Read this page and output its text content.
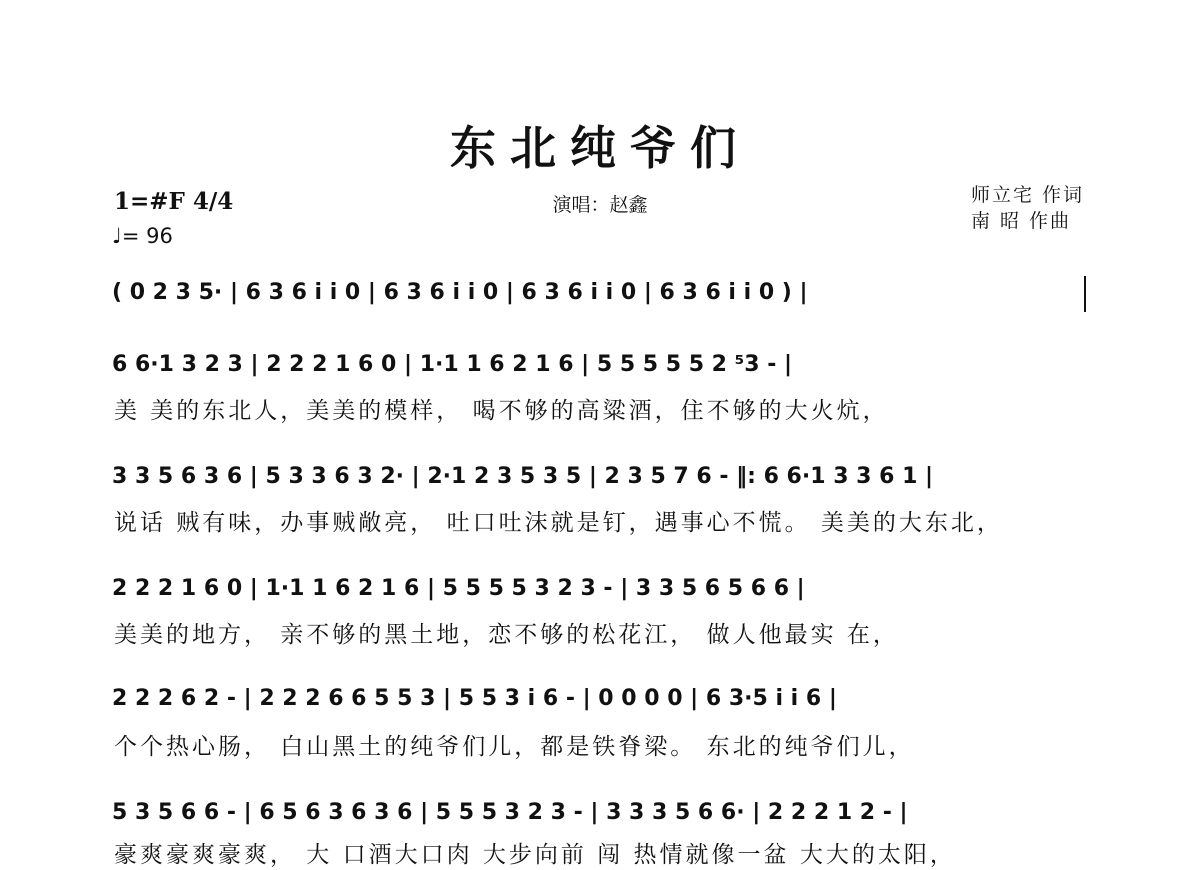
东北纯爷们
演唱：赵鑫
1=#F 4/4
♩= 96
师立宅 作词
南 昭 作曲
( 0 2 3 5· | 6 3 6 i i 0 | 6 3 6 i i 0 | 6 3 6 i i 0 | 6 3 6 i i 0 ) |
6 6·1 3 2 3 | 2 2 2 1 6 0 | 1·1 1 6 2 1 6 | 5 5 5 5 5 2 ⁵3 - |
美 美的东北人，美美的模样， 喝不够的高粱酒，住不够的大火炕，
3 3 5 6 3 6 | 5 3 3 6 3 2· | 2·1 2 3 5 3 5 | 2 3 5 7 6 - ‖: 6 6·1 3 3 6 1 |
说话 贼有味，办事贼敞亮， 吐口吐沫就是钉，遇事心不慌。 美美的大东北，
2 2 2 1 6 0 | 1·1 1 6 2 1 6 | 5 5 5 5 3 2 3 - | 3 3 5 6 5 6 6 |
美美的地方， 亲不够的黑土地，恋不够的松花江， 做人他最实 在，
2 2 2 6 2 - | 2 2 2 6 6 5 5 3 | 5 5 3 i 6 - | 0 0 0 0 | 6 3·5 i i 6 |
个个热心肠， 白山黑土的纯爷们儿，都是铁脊梁。 东北的纯爷们儿，
5 3 5 6 6 - | 6 5 6 3 6 3 6 | 5 5 5 3 2 3 - | 3 3 3 5 6 6· | 2 2 2 1 2 - |
豪爽豪爽豪爽， 大 口酒大口肉 大步向前 闯 热情就像一盆 大大的太阳，
